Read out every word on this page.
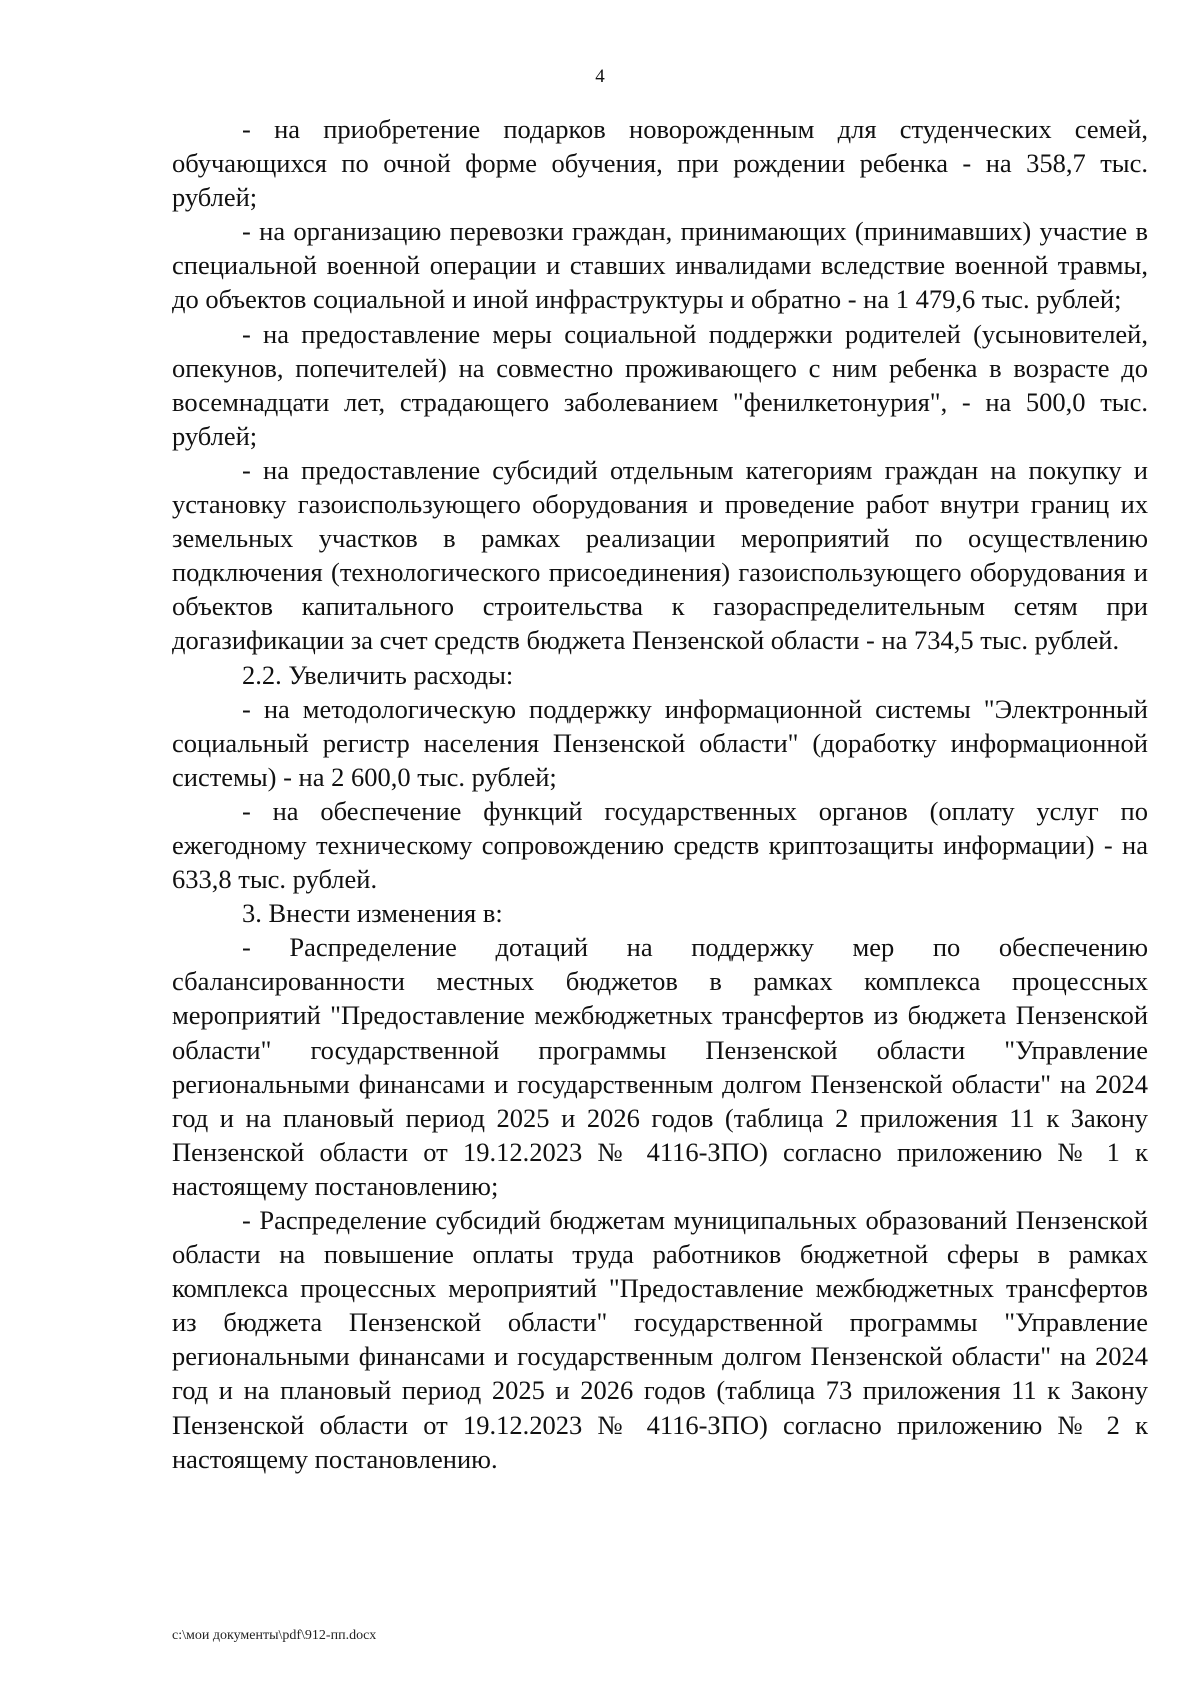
4

- на приобретение подарков новорожденным для студенческих семей, обучающихся по очной форме обучения, при рождении ребенка - на 358,7 тыс. рублей;

- на организацию перевозки граждан, принимающих (принимавших) участие в специальной военной операции и ставших инвалидами вследствие военной травмы, до объектов социальной и иной инфраструктуры и обратно - на 1 479,6 тыс. рублей;

- на предоставление меры социальной поддержки родителей (усыновителей, опекунов, попечителей) на совместно проживающего с ним ребенка в возрасте до восемнадцати лет, страдающего заболеванием "фенилкетонурия", - на 500,0 тыс. рублей;

- на предоставление субсидий отдельным категориям граждан на покупку и установку газоиспользующего оборудования и проведение работ внутри границ их земельных участков в рамках реализации мероприятий по осуществлению подключения (технологического присоединения) газоиспользующего оборудования и объектов капитального строительства к газораспределительным сетям при догазификации за счет средств бюджета Пензенской области - на 734,5 тыс. рублей.

2.2. Увеличить расходы:

- на методологическую поддержку информационной системы "Электронный социальный регистр населения Пензенской области" (доработку информационной системы) - на 2 600,0 тыс. рублей;

- на обеспечение функций государственных органов (оплату услуг по ежегодному техническому сопровождению средств криптозащиты информации) - на 633,8 тыс. рублей.

3. Внести изменения в:

- Распределение дотаций на поддержку мер по обеспечению сбалансированности местных бюджетов в рамках комплекса процессных мероприятий "Предоставление межбюджетных трансфертов из бюджета Пензенской области" государственной программы Пензенской области "Управление региональными финансами и государственным долгом Пензенской области" на 2024 год и на плановый период 2025 и 2026 годов (таблица 2 приложения 11 к Закону Пензенской области от 19.12.2023 № 4116-ЗПО) согласно приложению № 1 к настоящему постановлению;

- Распределение субсидий бюджетам муниципальных образований Пензенской области на повышение оплаты труда работников бюджетной сферы в рамках комплекса процессных мероприятий "Предоставление межбюджетных трансфертов из бюджета Пензенской области" государственной программы "Управление региональными финансами и государственным долгом Пензенской области" на 2024 год и на плановый период 2025 и 2026 годов (таблица 73 приложения 11 к Закону Пензенской области от 19.12.2023 № 4116-ЗПО) согласно приложению № 2 к настоящему постановлению.

с:\мои документы\pdf\912-пп.docx
